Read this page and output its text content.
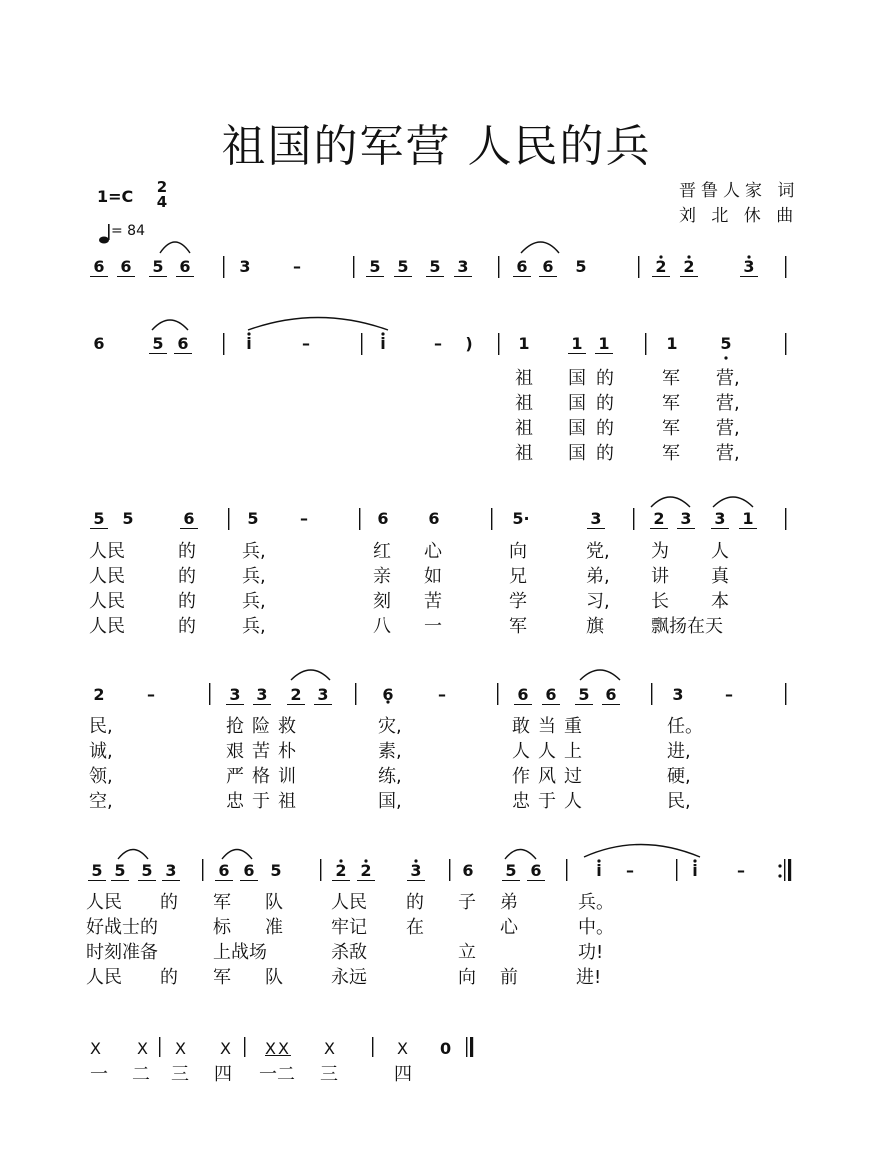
祖国的军营 人民的兵
晋鲁人家 词
刘 北 休 曲
1=C 2
4
= 84
6 6 5 6	3	–	5 5 5 3	6 6 5	2 2	3
6	5 6	i	–	i	–	)	1	1 1	1	5
祖 国 的	军 营,
祖 国 的	军 营,
祖 国 的	军 营,
祖 国 的	军 营,
5 5	6	5	–	6 6	5·	3	2 3 3 1
人民	的	兵,	红 心	向	党, 为 人
人民	的	兵,	亲 如	兄	弟, 讲 真
人民	的	兵,	刻 苦	学	习, 长 本
人民	的	兵,	八 一	军	旗	飘扬在天
2	–	3 3 2 3	6	–	6 6 5 6	3	–
民,	抢险救	灾,	敢当重	任。
诚,	艰苦朴	素,	人人上	进,
领,	严格训	练,	作风过	硬,
空,	忠于祖	国,	忠于人	民,
5 5 5 3	6 6 5	2 2 3	6 5 6	i	–	i	–
人民 的 军 队	人民 的 子 弟	兵。
好战士的	标 准	牢记 在	心	中。
时刻准备	上战场	杀敌	立	功!
人民 的 军 队	永远	向 前	进!
X X X X XX X	X 0
一 二 三 四 一二 三	四
